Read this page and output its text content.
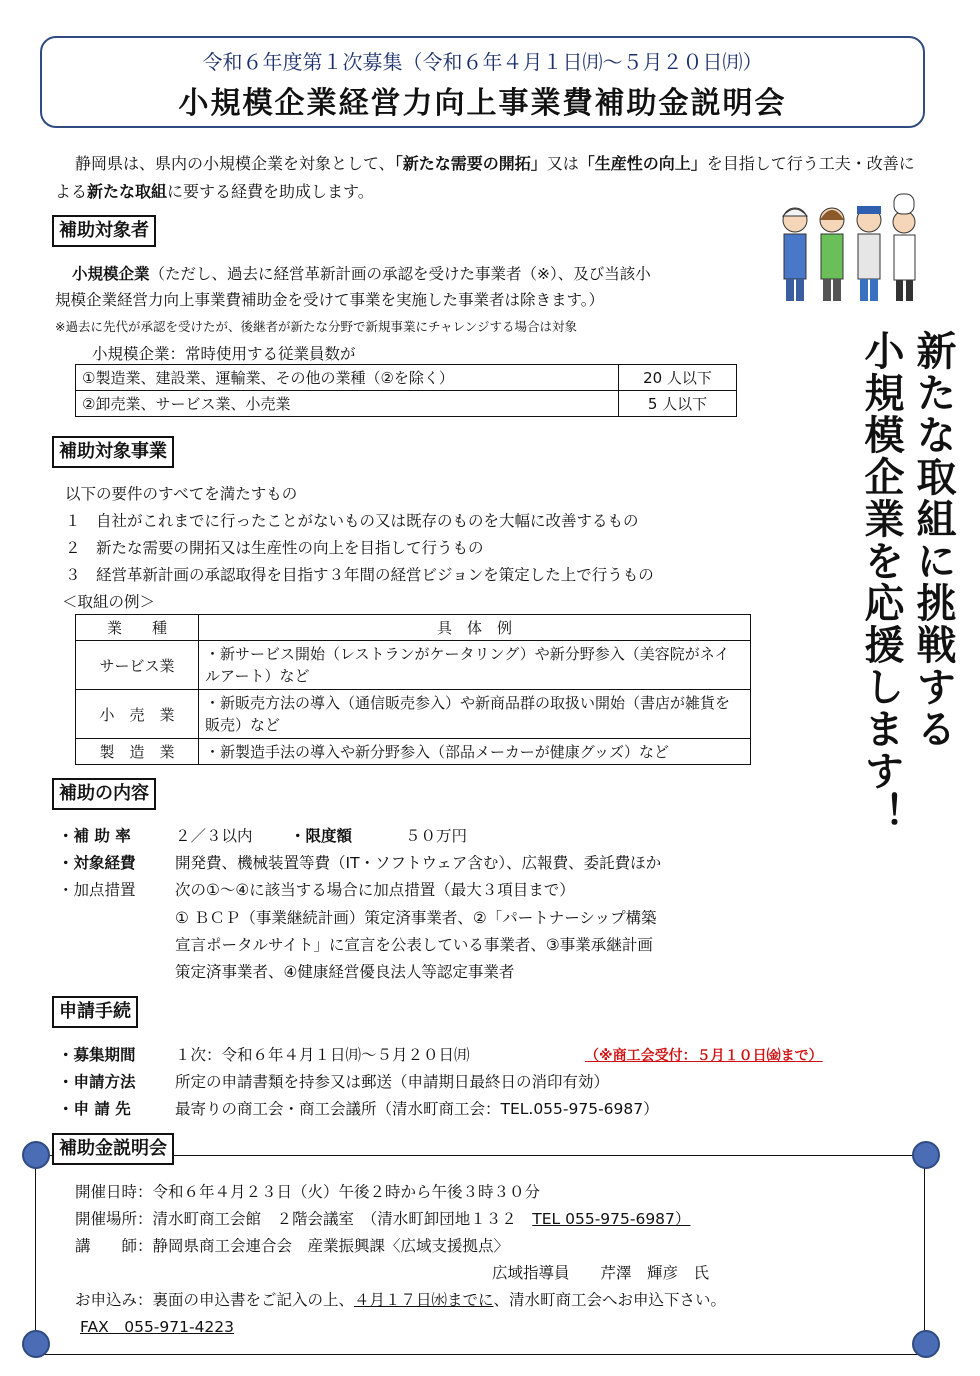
令和６年度第１次募集（令和６年４月１日㈪～５月２０日㈪）
小規模企業経営力向上事業費補助金説明会
静岡県は、県内の小規模企業を対象として、「新たな需要の開拓」又は「生産性の向上」を目指して行う工夫・改善による新たな取組に要する経費を助成します。
新たな取組に挑戦する
小規模企業を応援します！
補助対象者
小規模企業（ただし、過去に経営革新計画の承認を受けた事業者（※）、及び当該小
規模企業経営力向上事業費補助金を受けて事業を実施した事業者は除きます。）
※過去に先代が承認を受けたが、後継者が新たな分野で新規事業にチャレンジする場合は対象
小規模企業：常時使用する従業員数が
①製造業、建設業、運輸業、その他の業種（②を除く）	20 人以下
②卸売業、サービス業、小売業	5 人以下
補助対象事業
以下の要件のすべてを満たすもの
１　自社がこれまでに行ったことがないもの又は既存のものを大幅に改善するもの
２　新たな需要の開拓又は生産性の向上を目指して行うもの
３　経営革新計画の承認取得を目指す３年間の経営ビジョンを策定した上で行うもの
＜取組の例＞
業　　種	具　体　例
サービス業	・新サービス開始（レストランがケータリング）や新分野参入（美容院がネイルアート）など
小　売　業	・新販売方法の導入（通信販売参入）や新商品群の取扱い開始（書店が雑貨を販売）など
製　造　業	・新製造手法の導入や新分野参入（部品メーカーが健康グッズ）など
補助の内容
・補 助 率	２／３以内 ・限度額	５０万円
・対象経費	開発費、機械装置等費（IT・ソフトウェア含む）、広報費、委託費ほか
・加点措置	次の①～④に該当する場合に加点措置（最大３項目まで）
① ＢＣＰ（事業継続計画）策定済事業者、②「パートナーシップ構築
宣言ポータルサイト」に宣言を公表している事業者、③事業承継計画
策定済事業者、④健康経営優良法人等認定事業者
申請手続
・募集期間	１次：令和６年４月１日㈪～５月２０日㈪	（※商工会受付：５月１０日㈮まで）
・申請方法	所定の申請書類を持参又は郵送（申請期日最終日の消印有効）
・申 請 先	最寄りの商工会・商工会議所（清水町商工会：TEL.055-975-6987）
補助金説明会
開催日時：令和６年４月２３日（火）午後２時から午後３時３０分
開催場所：清水町商工会館　２階会議室　（清水町卸団地１３２　 TEL 055-975-6987）
講　　師：静岡県商工会連合会　産業振興課〈広域支援拠点〉
広域指導員　　芹澤　輝彦　氏
お申込み：裏面の申込書をご記入の上、４月１７日㈬までに、清水町商工会へお申込下さい。
FAX　055-971-4223
